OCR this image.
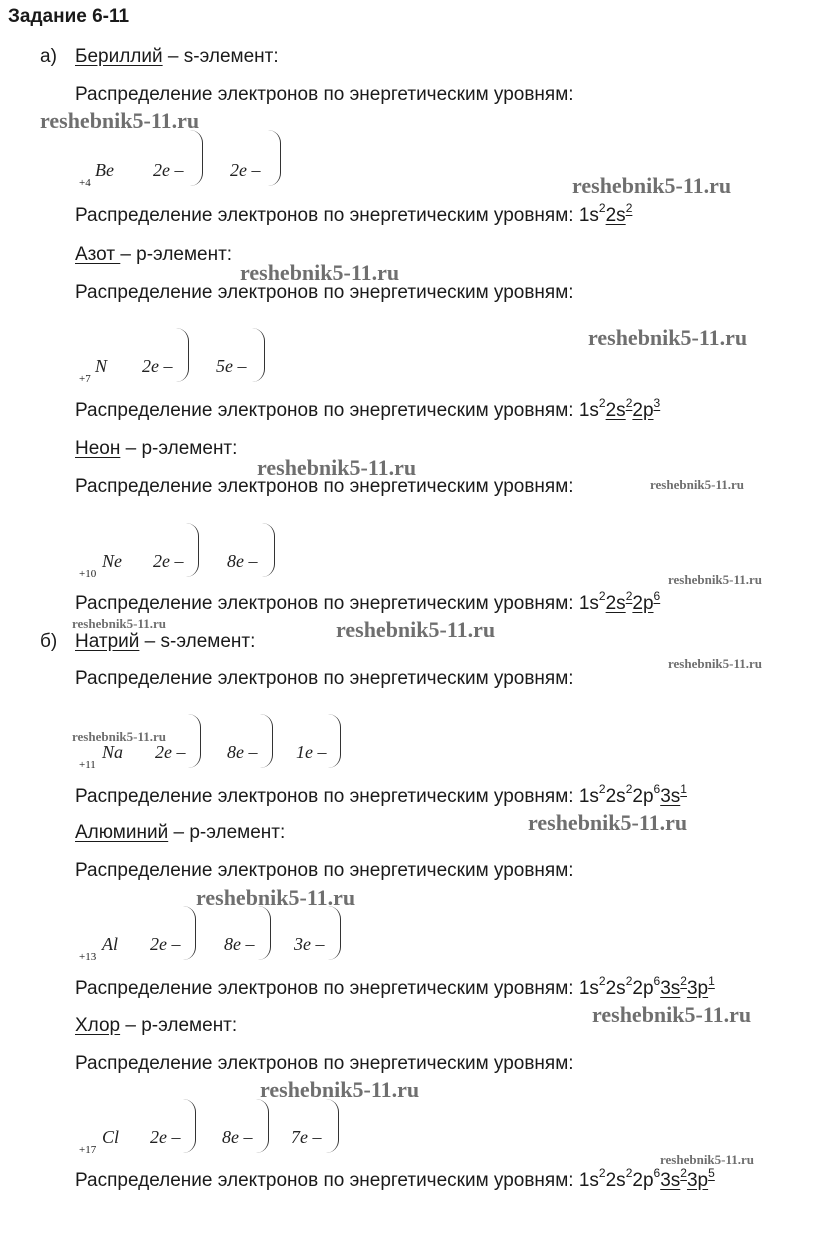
Задание 6-11
а) Бериллий – s-элемент:
Распределение электронов по энергетическим уровням:
+4
Be 2e –	2e –
Распределение электронов по энергетическим уровням: $1s^22s^2$
Азот – p-элемент:
Распределение электронов по энергетическим уровням:
+7
N 2e – 5e –
Распределение электронов по энергетическим уровням: $1s^22s^22p^3$
Неон – p-элемент:
Распределение электронов по энергетическим уровням:
+10
Ne 2e – 8e –
Распределение электронов по энергетическим уровням: $1s^22s^22p^6$
б) Натрий – s-элемент:
Распределение электронов по энергетическим уровням:
+11
Na 2e – 8e – 1e –
Распределение электронов по энергетическим уровням: $1s^22s^22p^63s^1$
Алюминий – p-элемент:
Распределение электронов по энергетическим уровням:
+13
Al 2e – 8e – 3e –
Распределение электронов по энергетическим уровням: $1s^22s^22p^63s^23p^1$
Хлор – p-элемент:
Распределение электронов по энергетическим уровням:
+17
Cl 2e – 8e – 7e –
Распределение электронов по энергетическим уровням: $1s^22s^22p^63s^23p^5$
reshebnik5-11.ru
reshebnik5-11.ru
reshebnik5-11.ru
reshebnik5-11.ru
reshebnik5-11.ru
reshebnik5-11.ru
reshebnik5-11.ru
reshebnik5-11.ru	reshebnik5-11.ru
reshebnik5-11.ru
reshebnik5-11.ru
reshebnik5-11.ru
reshebnik5-11.ru
reshebnik5-11.ru
reshebnik5-11.ru
reshebnik5-11.ru
